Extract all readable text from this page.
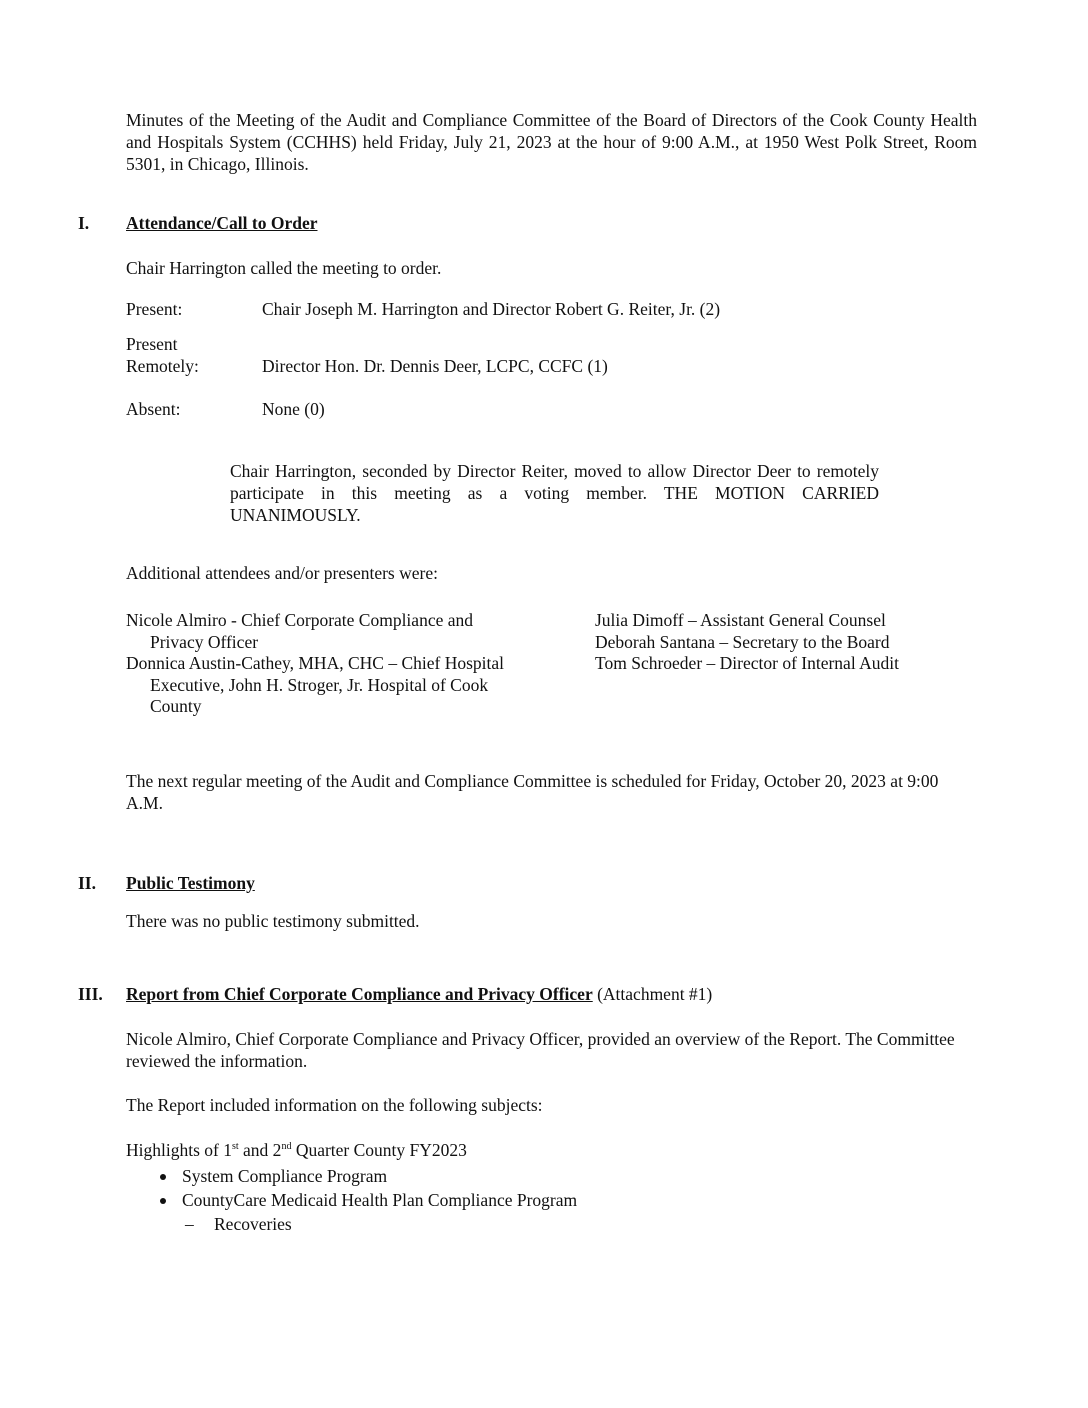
Minutes of the Meeting of the Audit and Compliance Committee of the Board of Directors of the Cook County Health and Hospitals System (CCHHS) held Friday, July 21, 2023 at the hour of 9:00 A.M., at 1950 West Polk Street, Room 5301, in Chicago, Illinois.
I. Attendance/Call to Order
Chair Harrington called the meeting to order.
Present:	Chair Joseph M. Harrington and Director Robert G. Reiter, Jr. (2)
Present
Remotely:	Director Hon. Dr. Dennis Deer, LCPC, CCFC (1)
Absent:	None (0)
Chair Harrington, seconded by Director Reiter, moved to allow Director Deer to remotely participate in this meeting as a voting member. THE MOTION CARRIED UNANIMOUSLY.
Additional attendees and/or presenters were:
Nicole Almiro - Chief Corporate Compliance and Privacy Officer
Donnica Austin-Cathey, MHA, CHC – Chief Hospital Executive, John H. Stroger, Jr. Hospital of Cook County
Julia Dimoff – Assistant General Counsel
Deborah Santana – Secretary to the Board
Tom Schroeder – Director of Internal Audit
The next regular meeting of the Audit and Compliance Committee is scheduled for Friday, October 20, 2023 at 9:00 A.M.
II. Public Testimony
There was no public testimony submitted.
III. Report from Chief Corporate Compliance and Privacy Officer (Attachment #1)
Nicole Almiro, Chief Corporate Compliance and Privacy Officer, provided an overview of the Report. The Committee reviewed the information.
The Report included information on the following subjects:
Highlights of 1st and 2nd Quarter County FY2023
System Compliance Program
CountyCare Medicaid Health Plan Compliance Program
– Recoveries
